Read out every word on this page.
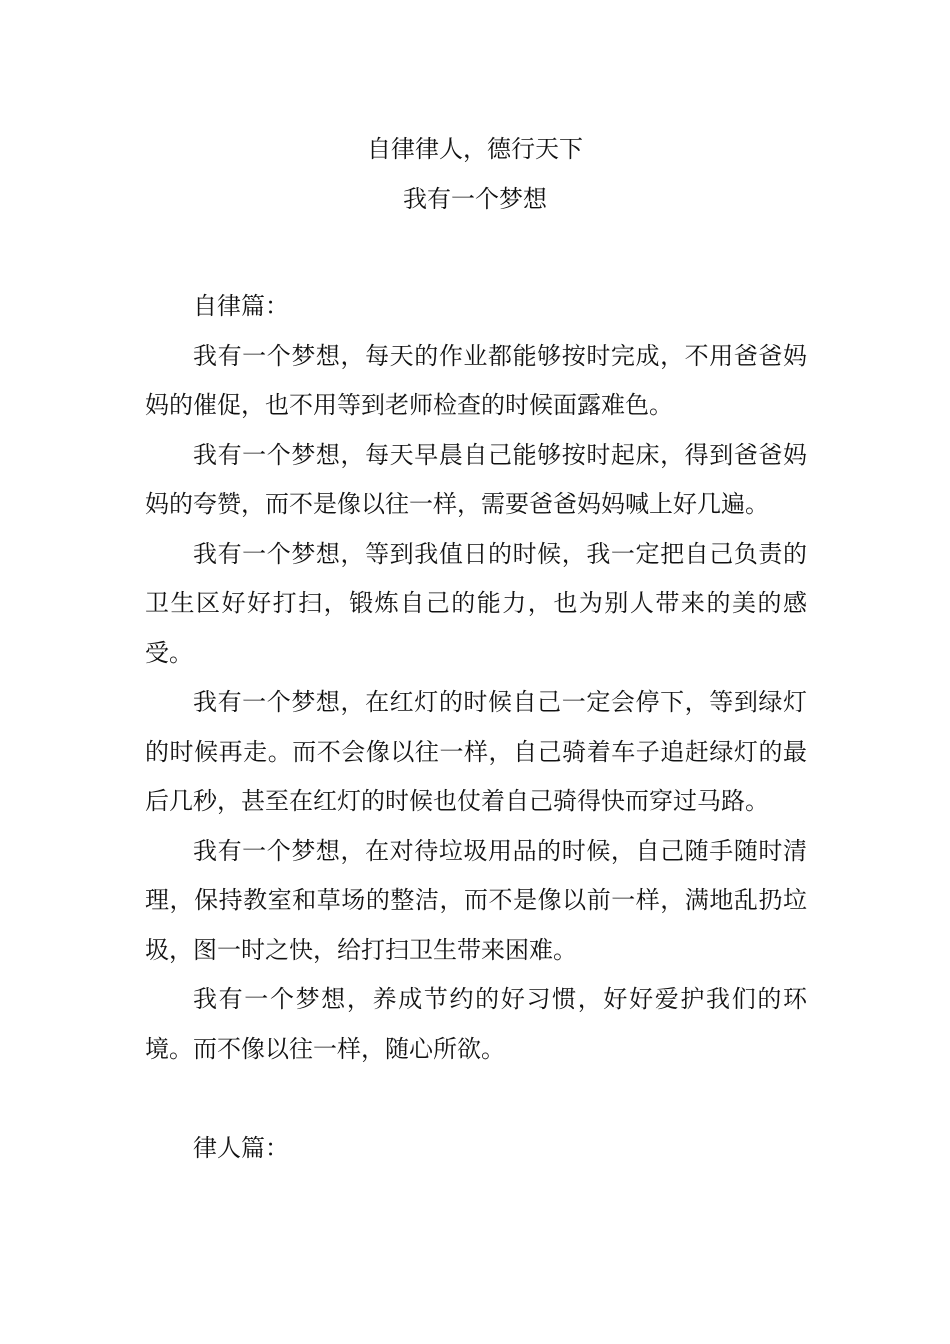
自律律人，德行天下
我有一个梦想
自律篇：

我有一个梦想，每天的作业都能够按时完成，不用爸爸妈妈的催促，也不用等到老师检查的时候面露难色。

我有一个梦想，每天早晨自己能够按时起床，得到爸爸妈妈的夸赞，而不是像以往一样，需要爸爸妈妈喊上好几遍。

我有一个梦想，等到我值日的时候，我一定把自己负责的卫生区好好打扫，锻炼自己的能力，也为别人带来的美的感受。

我有一个梦想，在红灯的时候自己一定会停下，等到绿灯的时候再走。而不会像以往一样，自己骑着车子追赶绿灯的最后几秒，甚至在红灯的时候也仗着自己骑得快而穿过马路。

我有一个梦想，在对待垃圾用品的时候，自己随手随时清理，保持教室和草场的整洁，而不是像以前一样，满地乱扔垃圾，图一时之快，给打扫卫生带来困难。

我有一个梦想，养成节约的好习惯，好好爱护我们的环境。而不像以往一样，随心所欲。

律人篇：
